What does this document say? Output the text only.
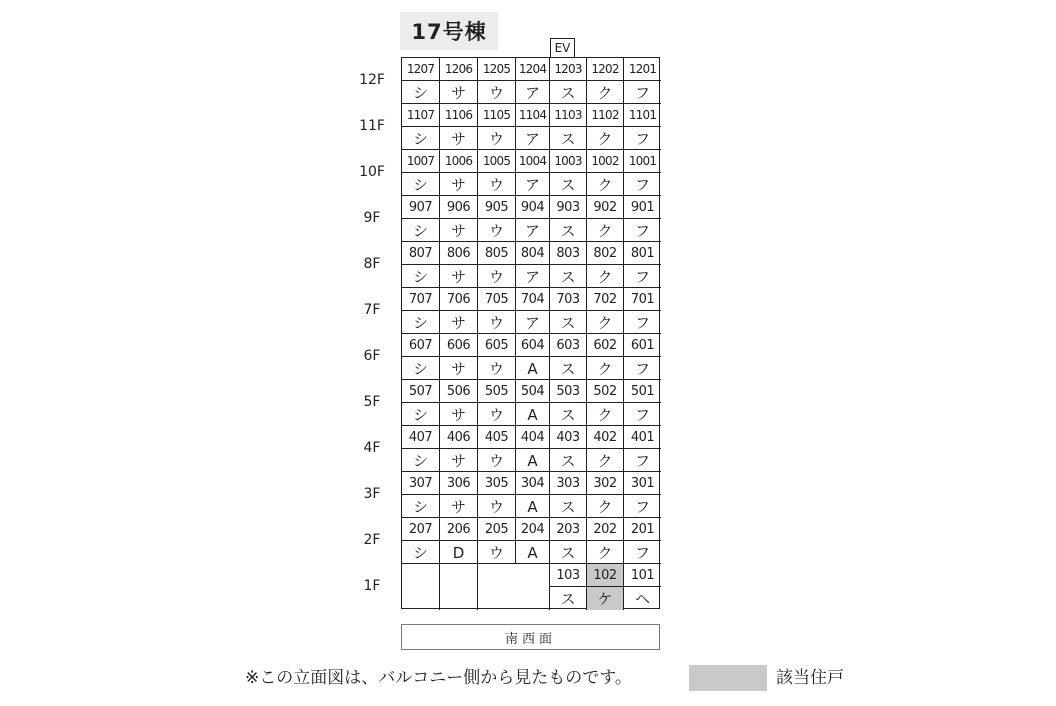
17号棟
EV
1207
シ
1206
サ
1205
ウ
1204
ア
1203
ス
1202
ク
1201
フ
1107
シ
1106
サ
1105
ウ
1104
ア
1103
ス
1102
ク
1101
フ
1007
シ
1006
サ
1005
ウ
1004
ア
1003
ス
1002
ク
1001
フ
907
シ
906
サ
905
ウ
904
ア
903
ス
902
ク
901
フ
807
シ
806
サ
805
ウ
804
ア
803
ス
802
ク
801
フ
707
シ
706
サ
705
ウ
704
ア
703
ス
702
ク
701
フ
607
シ
606
サ
605
ウ
604
A
603
ス
602
ク
601
フ
507
シ
506
サ
505
ウ
504
A
503
ス
502
ク
501
フ
407
シ
406
サ
405
ウ
404
A
403
ス
402
ク
401
フ
307
シ
306
サ
305
ウ
304
A
303
ス
302
ク
301
フ
207
シ
206
D
205
ウ
204
A
203
ス
202
ク
201
フ
103
ス
102
ケ
101
ヘ
12F
11F
10F
9F
8F
7F
6F
5F
4F
3F
2F
1F
南西面
※この立面図は、バルコニー側から見たものです。	該当住戸
